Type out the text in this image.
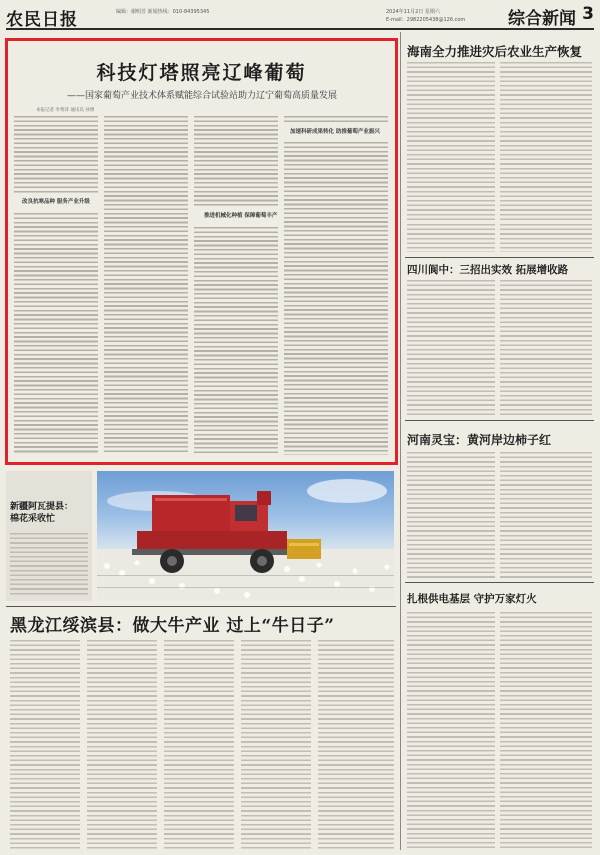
农民日报	编辑：谢明芳 新闻热线：010-84395345	2024年11月2日 星期六
E-mail：2982205438@126.com	综合新闻 3
科技灯塔照亮辽峰葡萄
——国家葡萄产业技术体系赋能综合试验站助力辽宁葡萄高质量发展
本报记者 李秀萍 通讯员 孙博
改良抗寒品种 服务产业升级
推进机械化种植 保障葡萄丰产
加速科研成果转化 助推葡萄产业振兴
海南全力推进灾后农业生产恢复
四川阆中：三招出实效 拓展增收路
河南灵宝：黄河岸边柿子红
扎根供电基层 守护万家灯火
新疆阿瓦提县：
棉花采收忙
黑龙江绥滨县：做大牛产业 过上“牛日子”
